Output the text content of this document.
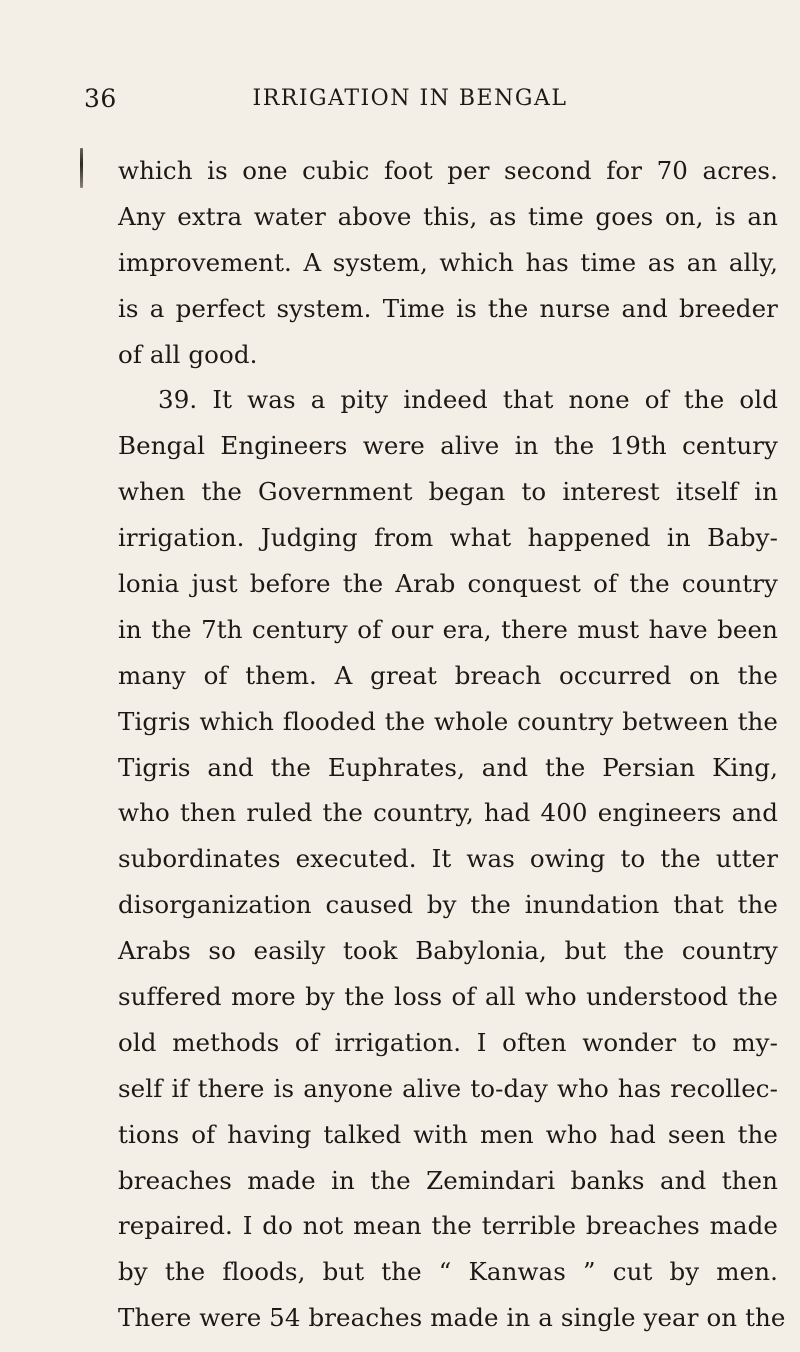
36	IRRIGATION IN BENGAL
which is one cubic foot per second for 70 acres.
Any extra water above this, as time goes on, is an
improvement. A system, which has time as an ally,
is a perfect system. Time is the nurse and breeder
of all good.
39. It was a pity indeed that none of the old
Bengal Engineers were alive in the 19th century
when the Government began to interest itself in
irrigation. Judging from what happened in Baby-
lonia just before the Arab conquest of the country
in the 7th century of our era, there must have been
many of them. A great breach occurred on the
Tigris which flooded the whole country between the
Tigris and the Euphrates, and the Persian King,
who then ruled the country, had 400 engineers and
subordinates executed. It was owing to the utter
disorganization caused by the inundation that the
Arabs so easily took Babylonia, but the country
suffered more by the loss of all who understood the
old methods of irrigation. I often wonder to my-
self if there is anyone alive to-day who has recollec-
tions of having talked with men who had seen the
breaches made in the Zemindari banks and then
repaired. I do not mean the terrible breaches made
by the floods, but the “ Kanwas ” cut by men.
There were 54 breaches made in a single year on the
